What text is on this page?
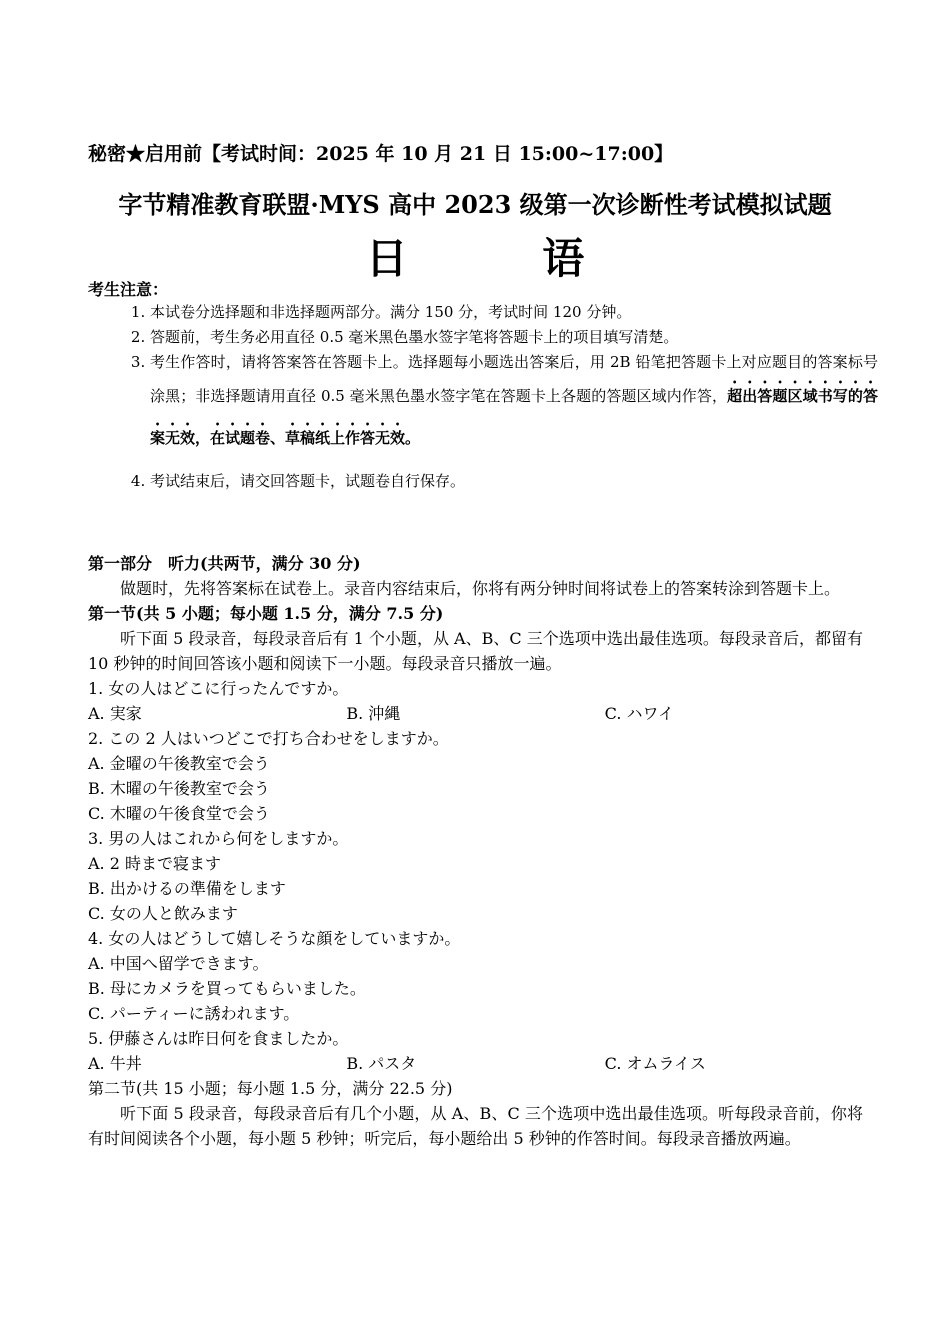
秘密★启用前【考试时间：2025 年 10 月 21 日 15:00~17:00】
字节精准教育联盟·MYS 高中 2023 级第一次诊断性考试模拟试题
日 语
考生注意：
1. 本试卷分选择题和非选择题两部分。满分 150 分，考试时间 120 分钟。
2. 答题前，考生务必用直径 0.5 毫米黑色墨水签字笔将答题卡上的项目填写清楚。
3. 考生作答时，请将答案答在答题卡上。选择题每小题选出答案后，用 2B 铅笔把答题卡上对应题目的答案标号涂黑；非选择题请用直径 0.5 毫米黑色墨水签字笔在答题卡上各题的答题区域内作答，超出答题区域书写的答案无效，在试题卷、草稿纸上作答无效。
4. 考试结束后，请交回答题卡，试题卷自行保存。
第一部分　听力(共两节，满分 30 分)
做题时，先将答案标在试卷上。录音内容结束后，你将有两分钟时间将试卷上的答案转涂到答题卡上。
第一节(共 5 小题；每小题 1.5 分，满分 7.5 分)
听下面 5 段录音，每段录音后有 1 个小题，从 A、B、C 三个选项中选出最佳选项。每段录音后，都留有 10 秒钟的时间回答该小题和阅读下一小题。每段录音只播放一遍。
1. 女の人はどこに行ったんですか。
A. 実家	B. 沖縄	C. ハワイ
2. この 2 人はいつどこで打ち合わせをしますか。
A. 金曜の午後教室で会う
B. 木曜の午後教室で会う
C. 木曜の午後食堂で会う
3. 男の人はこれから何をしますか。
A. 2 時まで寝ます
B. 出かけるの準備をします
C. 女の人と飲みます
4. 女の人はどうして嬉しそうな顔をしていますか。
A. 中国へ留学できます。
B. 母にカメラを買ってもらいました。
C. パーティーに誘われます。
5. 伊藤さんは昨日何を食ましたか。
A. 牛丼	B. パスタ	C. オムライス
第二节(共 15 小题；每小题 1.5 分，满分 22.5 分)
听下面 5 段录音，每段录音后有几个小题，从 A、B、C 三个选项中选出最佳选项。听每段录音前，你将有时间阅读各个小题，每小题 5 秒钟；听完后，每小题给出 5 秒钟的作答时间。每段录音播放两遍。
